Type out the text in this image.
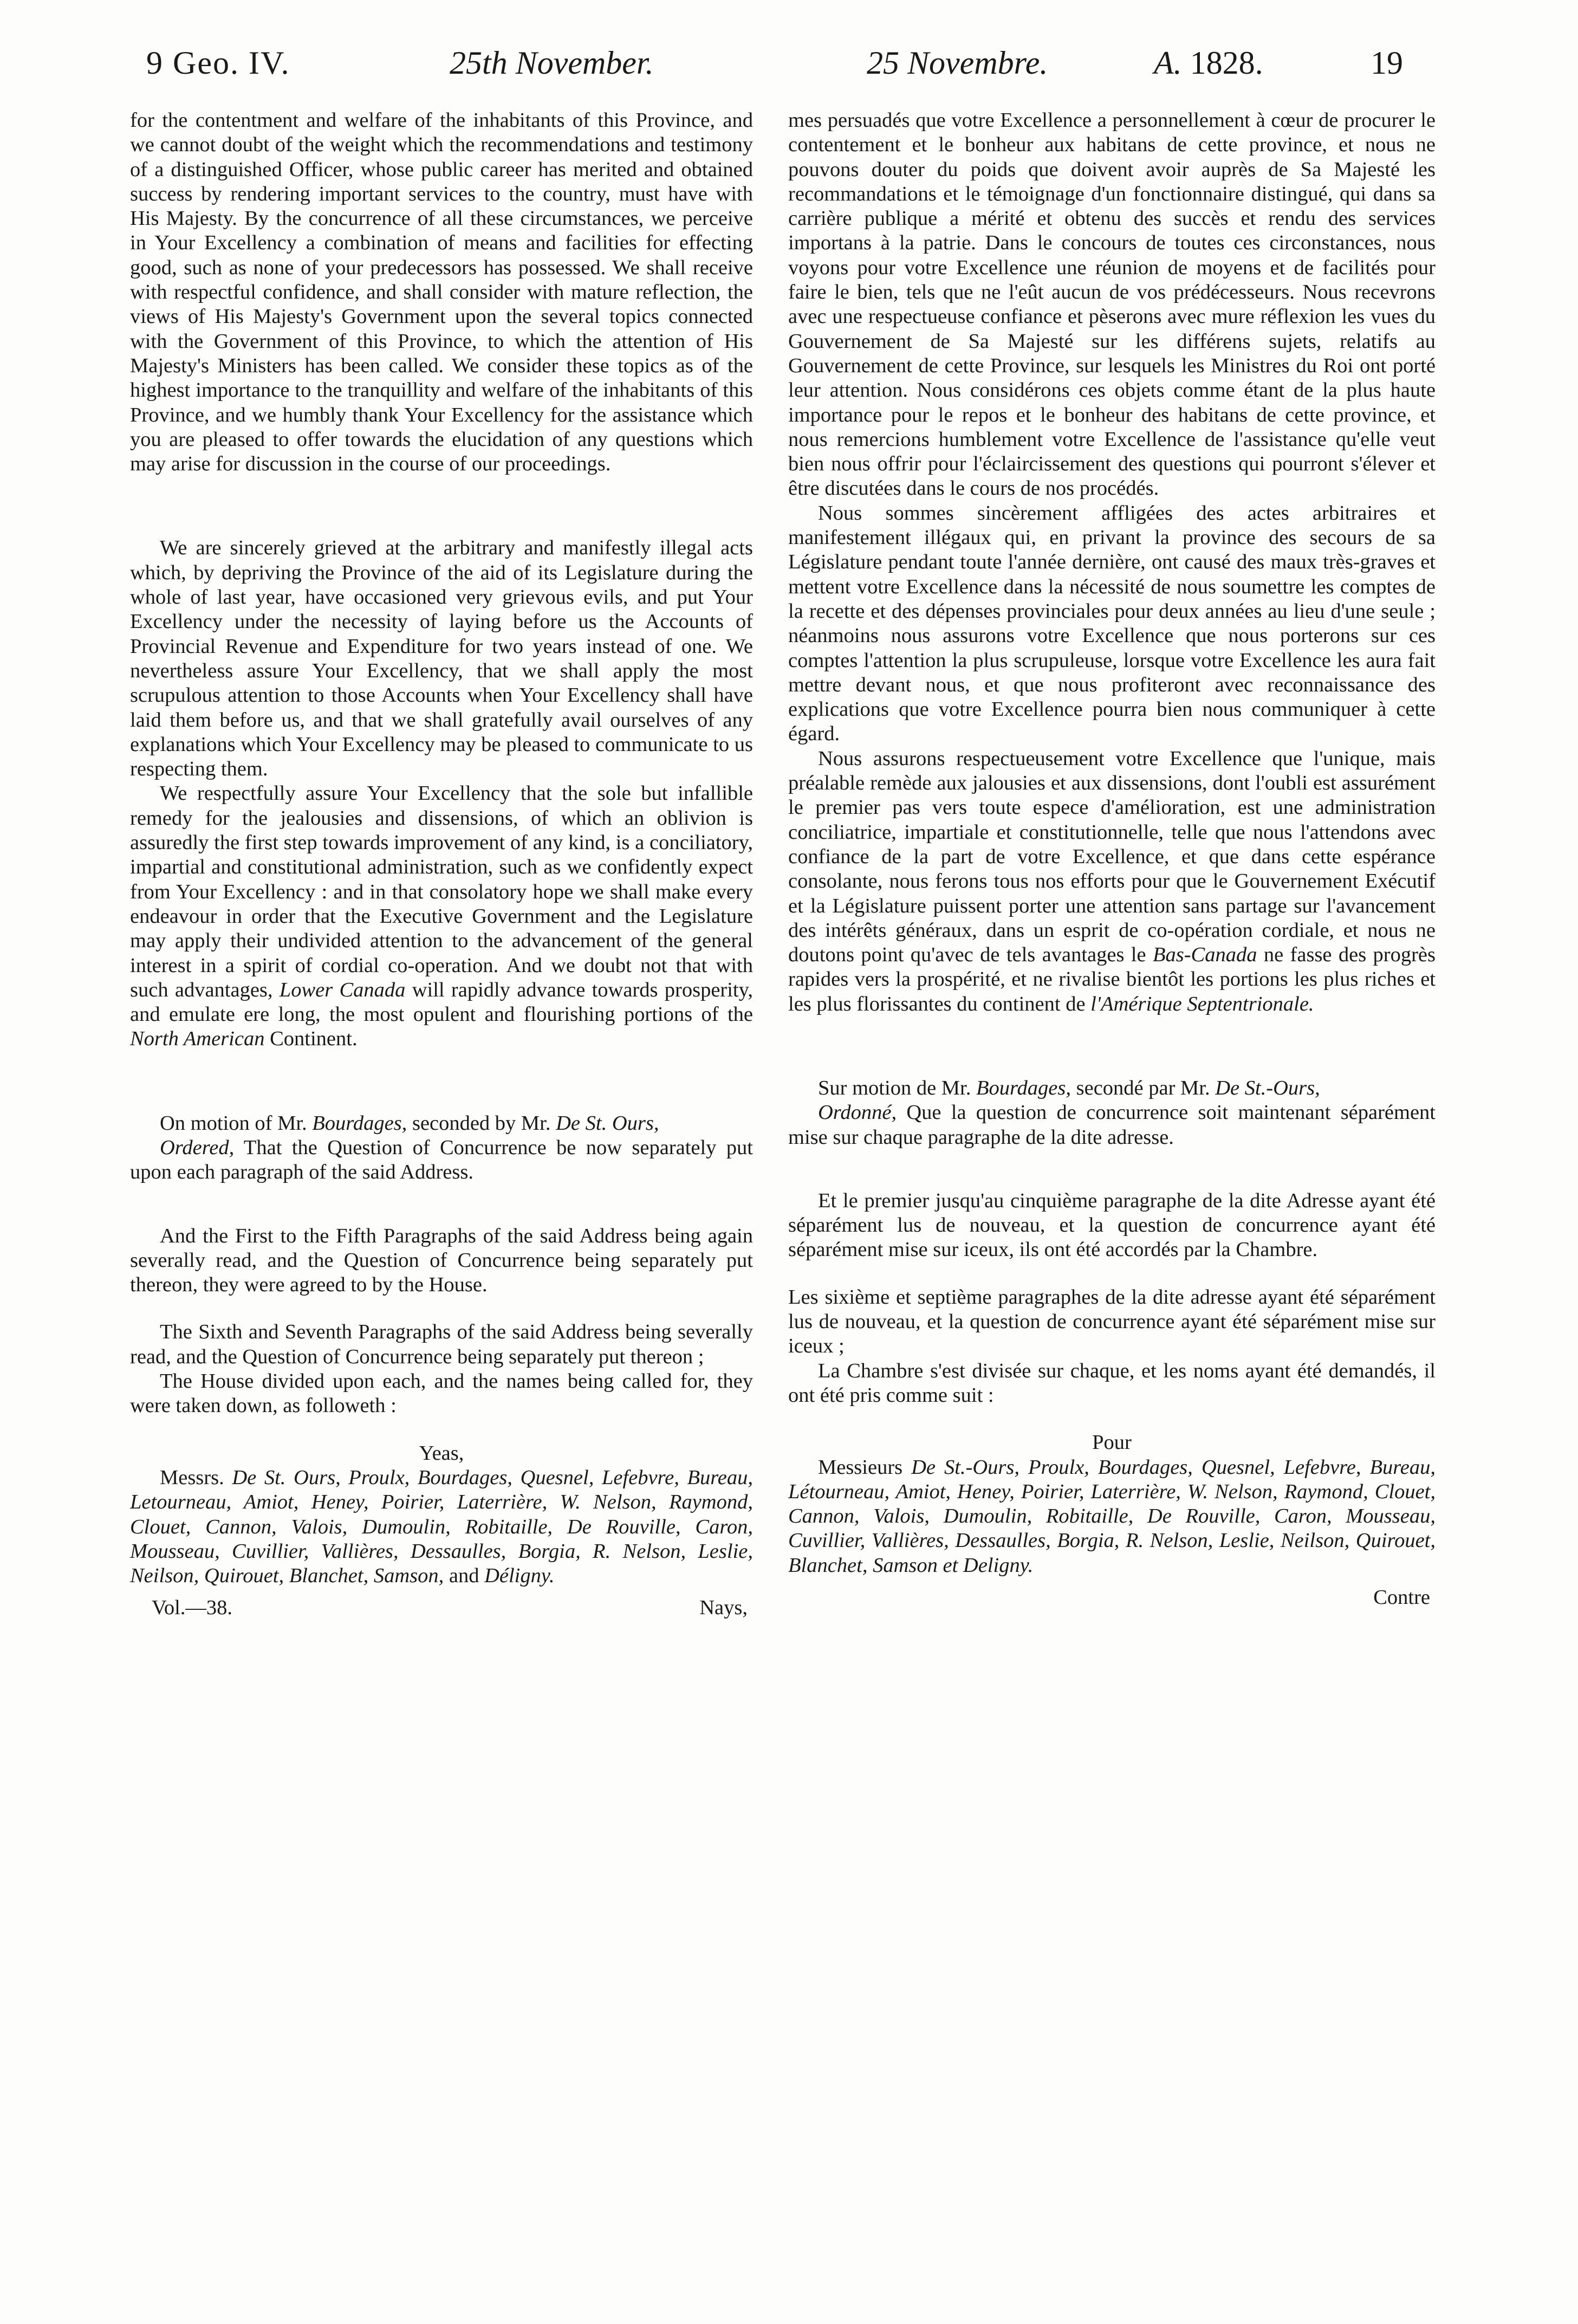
9 Geo. IV.	25th November.	25 Novembre.	A. 1828.	19

for the contentment and welfare of the inhabitants of this Province, and we cannot doubt of the weight which the recommendations and testimony of a distinguished Officer, whose public career has merited and obtained success by rendering important services to the country, must have with His Majesty. By the concurrence of all these circumstances, we perceive in Your Excellency a combination of means and facilities for effecting good, such as none of your predecessors has possessed. We shall receive with respectful confidence, and shall consider with mature reflection, the views of His Majesty's Government upon the several topics connected with the Government of this Province, to which the attention of His Majesty's Ministers has been called. We consider these topics as of the highest importance to the tranquillity and welfare of the inhabitants of this Province, and we humbly thank Your Excellency for the assistance which you are pleased to offer towards the elucidation of any questions which may arise for discussion in the course of our proceedings.

We are sincerely grieved at the arbitrary and manifestly illegal acts which, by depriving the Province of the aid of its Legislature during the whole of last year, have occasioned very grievous evils, and put Your Excellency under the necessity of laying before us the Accounts of Provincial Revenue and Expenditure for two years instead of one. We nevertheless assure Your Excellency, that we shall apply the most scrupulous attention to those Accounts when Your Excellency shall have laid them before us, and that we shall gratefully avail ourselves of any explanations which Your Excellency may be pleased to communicate to us respecting them.

We respectfully assure Your Excellency that the sole but infallible remedy for the jealousies and dissensions, of which an oblivion is assuredly the first step towards improvement of any kind, is a conciliatory, impartial and constitutional administration, such as we confidently expect from Your Excellency : and in that consolatory hope we shall make every endeavour in order that the Executive Government and the Legislature may apply their undivided attention to the advancement of the general interest in a spirit of cordial co-operation. And we doubt not that with such advantages, Lower Canada will rapidly advance towards prosperity, and emulate ere long, the most opulent and flourishing portions of the North American Continent.

On motion of Mr. Bourdages, seconded by Mr. De St. Ours,

Ordered, That the Question of Concurrence be now separately put upon each paragraph of the said Address.

And the First to the Fifth Paragraphs of the said Address being again severally read, and the Question of Concurrence being separately put thereon, they were agreed to by the House.

The Sixth and Seventh Paragraphs of the said Address being severally read, and the Question of Concurrence being separately put thereon ;

The House divided upon each, and the names being called for, they were taken down, as followeth :

Yeas,

Messrs. De St. Ours, Proulx, Bourdages, Quesnel, Lefebvre, Bureau, Letourneau, Amiot, Heney, Poirier, Laterrière, W. Nelson, Raymond, Clouet, Cannon, Valois, Dumoulin, Robitaille, De Rouville, Caron, Mousseau, Cuvillier, Vallières, Dessaulles, Borgia, R. Nelson, Leslie, Neilson, Quirouet, Blanchet, Samson, and Déligny.

Vol.—38.	Nays,

mes persuadés que votre Excellence a personnellement à cœur de procurer le contentement et le bonheur aux habitans de cette province, et nous ne pouvons douter du poids que doivent avoir auprès de Sa Majesté les recommandations et le témoignage d'un fonctionnaire distingué, qui dans sa carrière publique a mérité et obtenu des succès et rendu des services importans à la patrie. Dans le concours de toutes ces circonstances, nous voyons pour votre Excellence une réunion de moyens et de facilités pour faire le bien, tels que ne l'eût aucun de vos prédécesseurs. Nous recevrons avec une respectueuse confiance et pèserons avec mure réflexion les vues du Gouvernement de Sa Majesté sur les différens sujets, relatifs au Gouvernement de cette Province, sur lesquels les Ministres du Roi ont porté leur attention. Nous considérons ces objets comme étant de la plus haute importance pour le repos et le bonheur des habitans de cette province, et nous remercions humblement votre Excellence de l'assistance qu'elle veut bien nous offrir pour l'éclaircissement des questions qui pourront s'élever et être discutées dans le cours de nos procédés.

Nous sommes sincèrement affligées des actes arbitraires et manifestement illégaux qui, en privant la province des secours de sa Législature pendant toute l'année dernière, ont causé des maux très-graves et mettent votre Excellence dans la nécessité de nous soumettre les comptes de la recette et des dépenses provinciales pour deux années au lieu d'une seule ; néanmoins nous assurons votre Excellence que nous porterons sur ces comptes l'attention la plus scrupuleuse, lorsque votre Excellence les aura fait mettre devant nous, et que nous profiteront avec reconnaissance des explications que votre Excellence pourra bien nous communiquer à cette égard.

Nous assurons respectueusement votre Excellence que l'unique, mais préalable remède aux jalousies et aux dissensions, dont l'oubli est assurément le premier pas vers toute espece d'amélioration, est une administration conciliatrice, impartiale et constitutionnelle, telle que nous l'attendons avec confiance de la part de votre Excellence, et que dans cette espérance consolante, nous ferons tous nos efforts pour que le Gouvernement Exécutif et la Législature puissent porter une attention sans partage sur l'avancement des intérêts généraux, dans un esprit de co-opération cordiale, et nous ne doutons point qu'avec de tels avantages le Bas-Canada ne fasse des progrès rapides vers la prospérité, et ne rivalise bientôt les portions les plus riches et les plus florissantes du continent de l'Amérique Septentrionale.

Sur motion de Mr. Bourdages, secondé par Mr. De St.-Ours,

Ordonné, Que la question de concurrence soit maintenant séparément mise sur chaque paragraphe de la dite adresse.

Et le premier jusqu'au cinquième paragraphe de la dite Adresse ayant été séparément lus de nouveau, et la question de concurrence ayant été séparément mise sur iceux, ils ont été accordés par la Chambre.

Les sixième et septième paragraphes de la dite adresse ayant été séparément lus de nouveau, et la question de concurrence ayant été séparément mise sur iceux ;

La Chambre s'est divisée sur chaque, et les noms ayant été demandés, il ont été pris comme suit :

Pour

Messieurs De St.-Ours, Proulx, Bourdages, Quesnel, Lefebvre, Bureau, Létourneau, Amiot, Heney, Poirier, Laterrière, W. Nelson, Raymond, Clouet, Cannon, Valois, Dumoulin, Robitaille, De Rouville, Caron, Mousseau, Cuvillier, Vallières, Dessaulles, Borgia, R. Nelson, Leslie, Neilson, Quirouet, Blanchet, Samson et Deligny.

Contre
